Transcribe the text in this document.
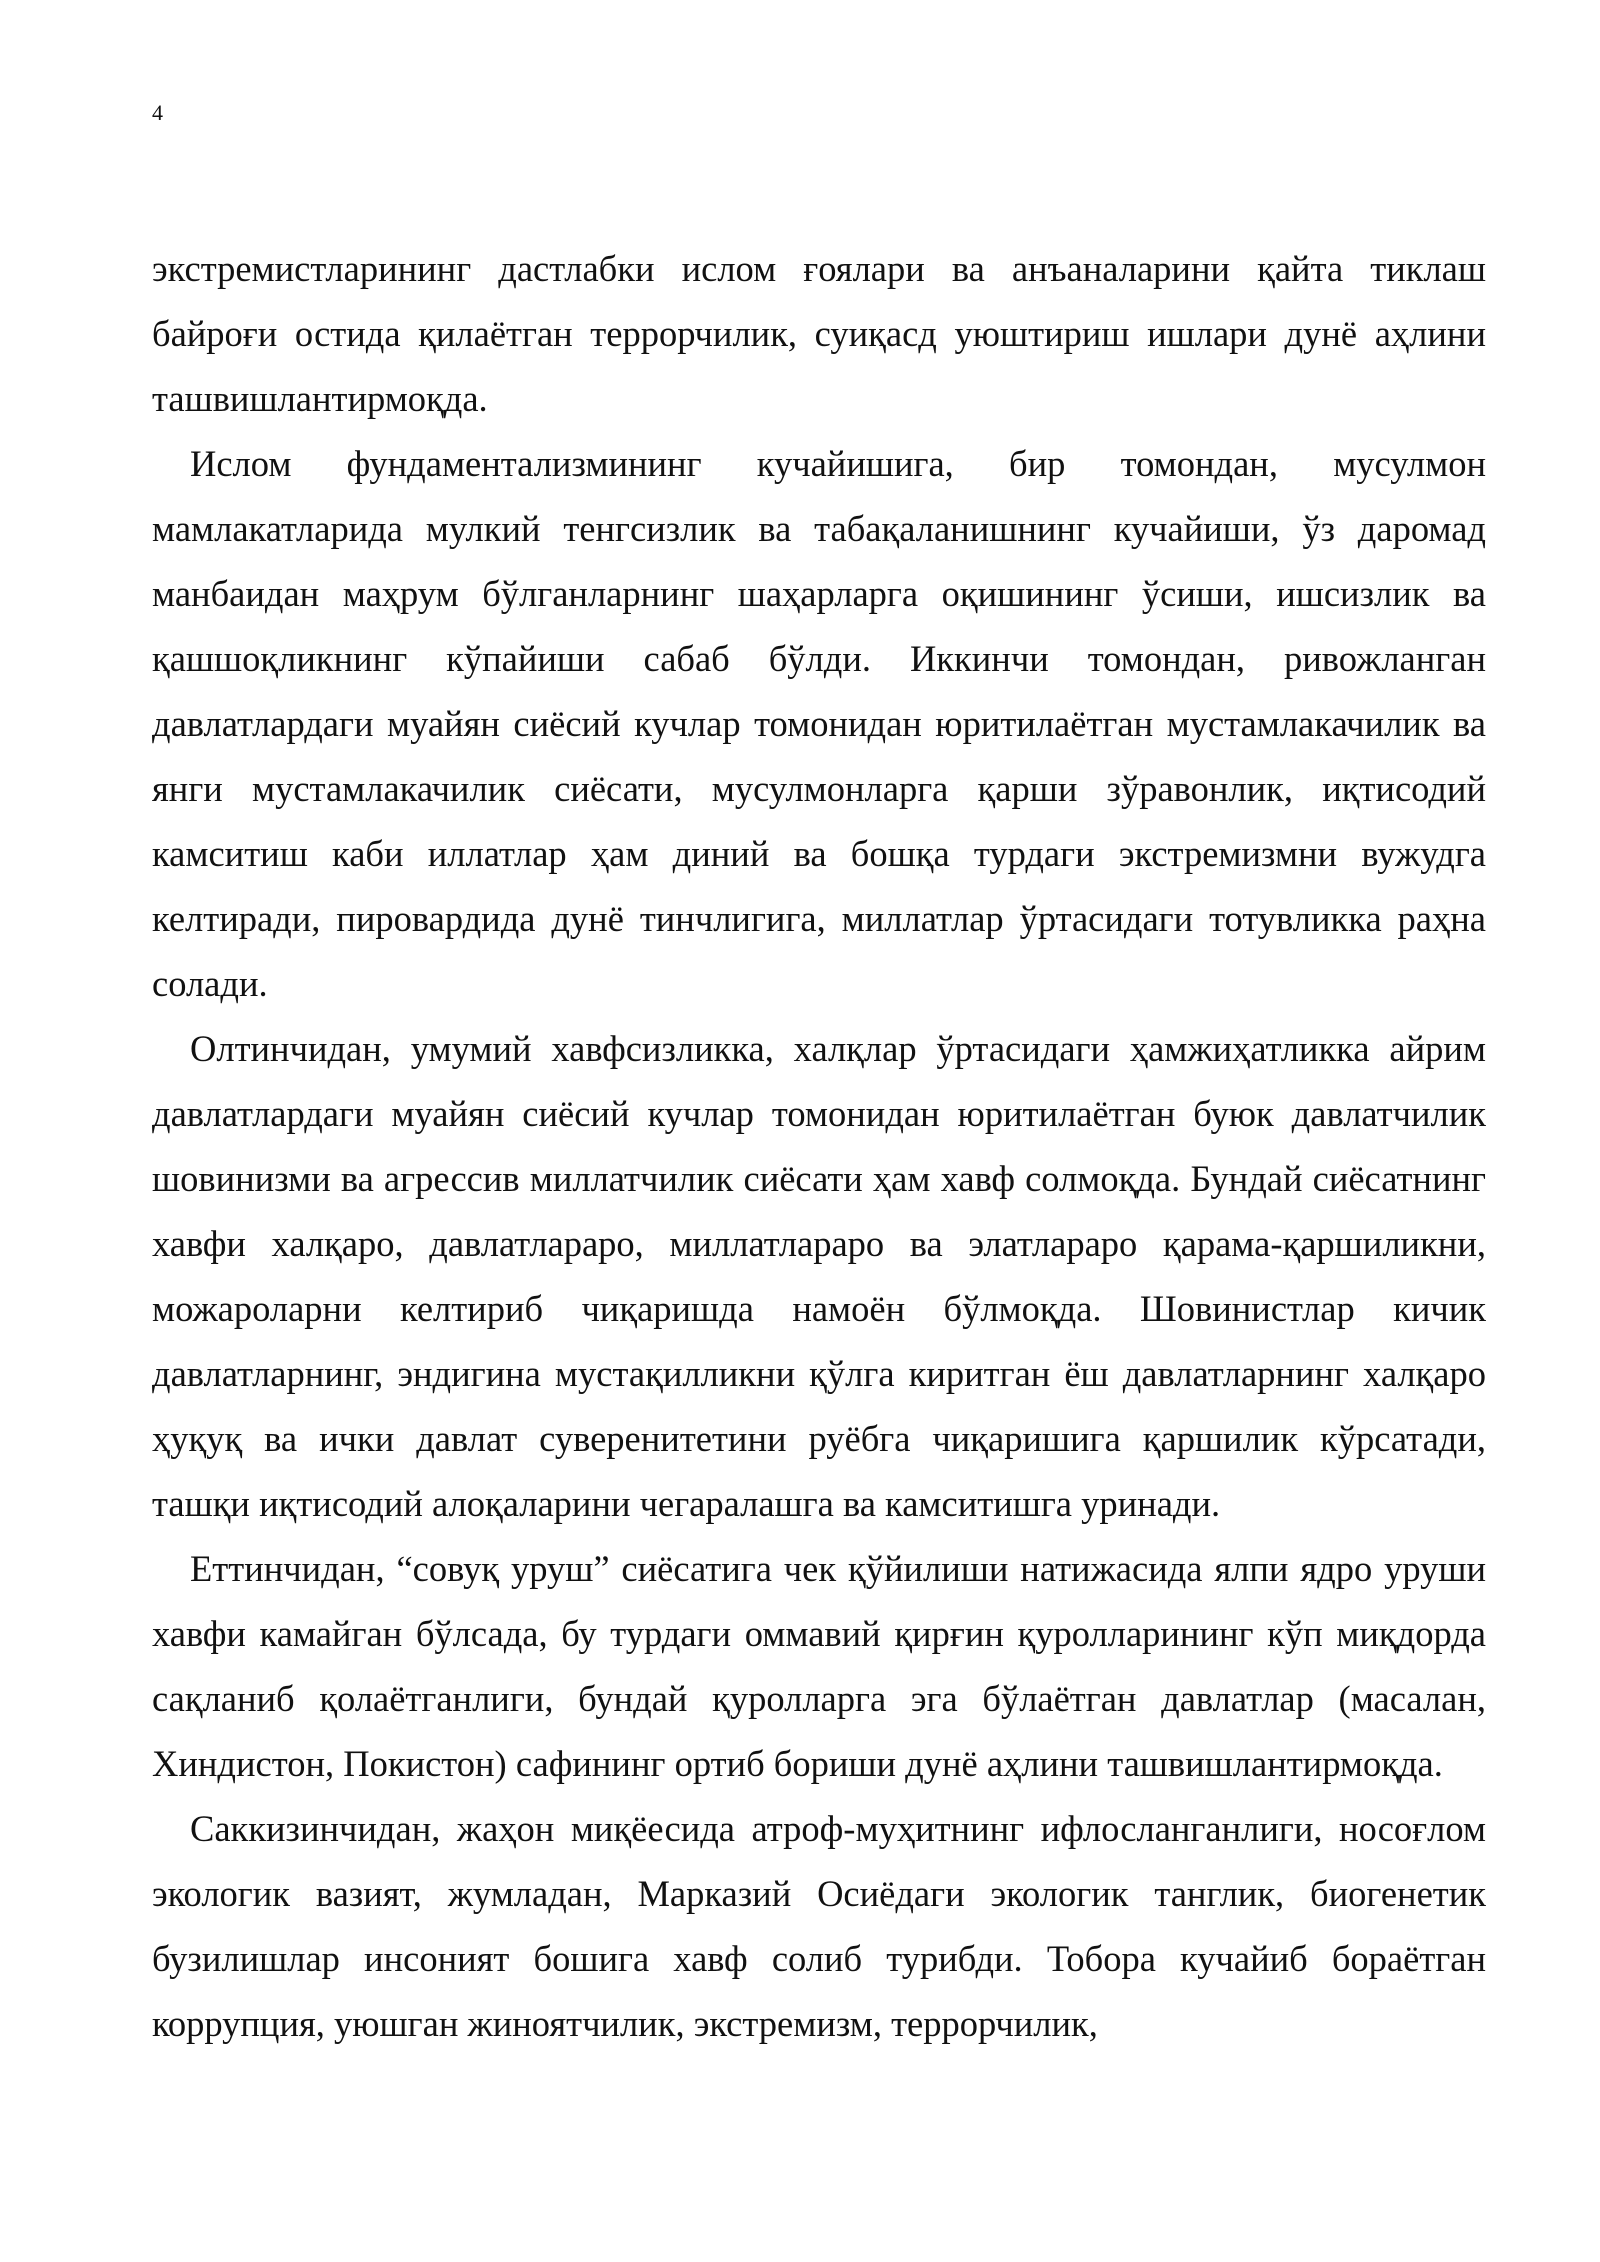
4

экстремистларининг дастлабки ислом ғоялари ва анъаналарини қайта тиклаш байроғи остида қилаётган террорчилик, суиқасд уюштириш ишлари дунё аҳлини ташвишлантирмоқда.

Ислом фундаментализмининг кучайишига, бир томондан, мусулмон мамлакатларида мулкий тенгсизлик ва табақаланишнинг кучайиши, ўз даромад манбаидан маҳрум бўлганларнинг шаҳарларга оқишининг ўсиши, ишсизлик ва қашшоқликнинг кўпайиши сабаб бўлди. Иккинчи томондан, ривожланган давлатлардаги муайян сиёсий кучлар томонидан юритилаётган мустамлакачилик ва янги мустамлакачилик сиёсати, мусулмонларга қарши зўравонлик, иқтисодий камситиш каби иллатлар ҳам диний ва бошқа турдаги экстремизмни вужудга келтиради, пировардида дунё тинчлигига, миллатлар ўртасидаги тотувликка раҳна солади.

Олтинчидан, умумий хавфсизликка, халқлар ўртасидаги ҳамжиҳатликка айрим давлатлардаги муайян сиёсий кучлар томонидан юритилаётган буюк давлатчилик шовинизми ва агрессив миллатчилик сиёсати ҳам хавф солмоқда. Бундай сиёсатнинг хавфи халқаро, давлатлараро, миллатлараро ва элатлараро қарама-қаршиликни, можароларни келтириб чиқаришда намоён бўлмоқда. Шовинистлар кичик давлатларнинг, эндигина мустақилликни қўлга киритган ёш давлатларнинг халқаро ҳуқуқ ва ички давлат суверенитетини руёбга чиқаришига қаршилик кўрсатади, ташқи иқтисодий алоқаларини чегаралашга ва камситишга уринади.

Еттинчидан, “совуқ уруш” сиёсатига чек қўйилиши натижасида ялпи ядро уруши хавфи камайган бўлсада, бу турдаги оммавий қирғин қуролларининг кўп миқдорда сақланиб қолаётганлиги, бундай қуролларга эга бўлаётган давлатлар (масалан, Хиндистон, Покистон) сафининг ортиб бориши дунё аҳлини ташвишлантирмоқда.

Саккизинчидан, жаҳон миқёесида атроф-муҳитнинг ифлосланганлиги, носоғлом экологик вазият, жумладан, Марказий Осиёдаги экологик танглик, биогенетик бузилишлар инсоният бошига хавф солиб турибди. Тобора кучайиб бораётган коррупция, уюшган жиноятчилик, экстремизм, террорчилик,
